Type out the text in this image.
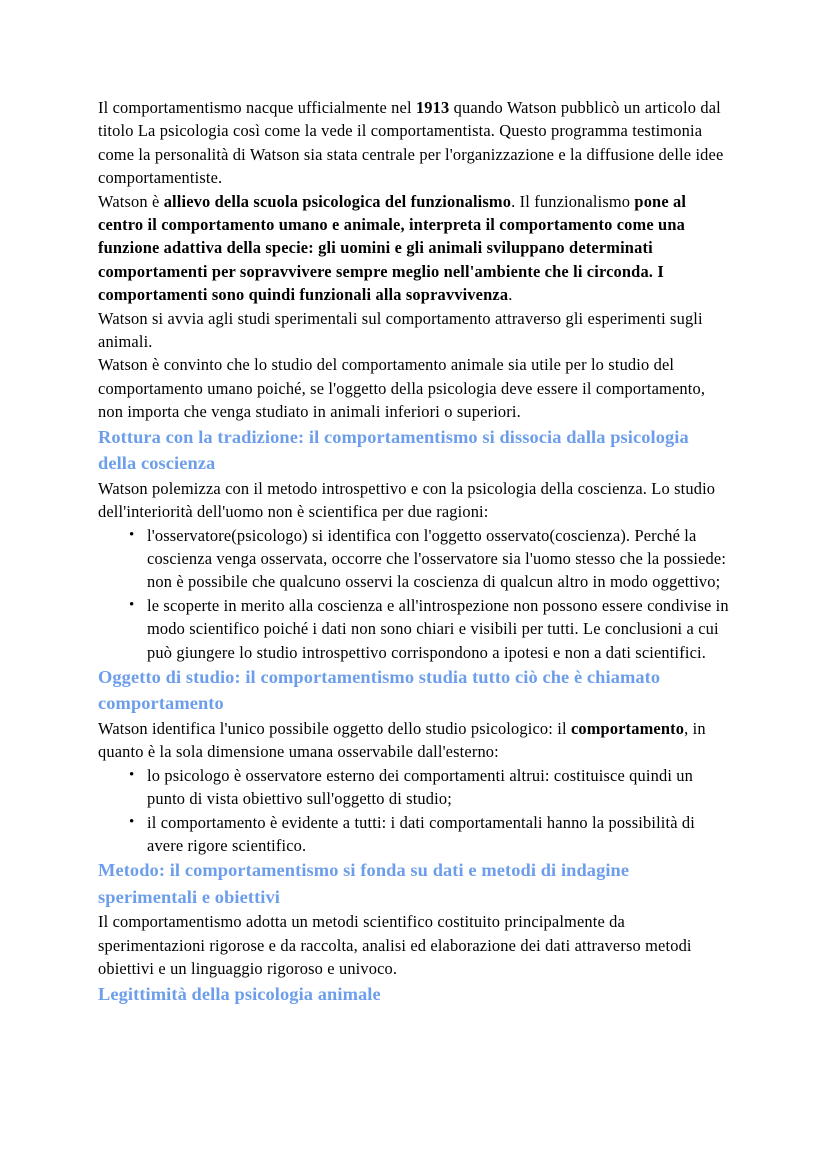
Il comportamentismo nacque ufficialmente nel 1913 quando Watson pubblicò un articolo dal titolo La psicologia così come la vede il comportamentista. Questo programma testimonia come la personalità di Watson sia stata centrale per l'organizzazione e la diffusione delle idee comportamentiste.

Watson è allievo della scuola psicologica del funzionalismo. Il funzionalismo pone al centro il comportamento umano e animale, interpreta il comportamento come una funzione adattiva della specie: gli uomini e gli animali sviluppano determinati comportamenti per sopravvivere sempre meglio nell'ambiente che li circonda. I comportamenti sono quindi funzionali alla sopravvivenza.

Watson si avvia agli studi sperimentali sul comportamento attraverso gli esperimenti sugli animali.

Watson è convinto che lo studio del comportamento animale sia utile per lo studio del comportamento umano poiché, se l'oggetto della psicologia deve essere il comportamento, non importa che venga studiato in animali inferiori o superiori.

Rottura con la tradizione: il comportamentismo si dissocia dalla psicologia della coscienza

Watson polemizza con il metodo introspettivo e con la psicologia della coscienza. Lo studio dell'interiorità dell'uomo non è scientifica per due ragioni:

• l'osservatore(psicologo) si identifica con l'oggetto osservato(coscienza). Perché la coscienza venga osservata, occorre che l'osservatore sia l'uomo stesso che la possiede: non è possibile che qualcuno osservi la coscienza di qualcun altro in modo oggettivo;
• le scoperte in merito alla coscienza e all'introspezione non possono essere condivise in modo scientifico poiché i dati non sono chiari e visibili per tutti. Le conclusioni a cui può giungere lo studio introspettivo corrispondono a ipotesi e non a dati scientifici.
Oggetto di studio: il comportamentismo studia tutto ciò che è chiamato comportamento

Watson identifica l'unico possibile oggetto dello studio psicologico: il comportamento, in quanto è la sola dimensione umana osservabile dall'esterno:

• lo psicologo è osservatore esterno dei comportamenti altrui: costituisce quindi un punto di vista obiettivo sull'oggetto di studio;
• il comportamento è evidente a tutti: i dati comportamentali hanno la possibilità di avere rigore scientifico.
Metodo: il comportamentismo si fonda su dati e metodi di indagine sperimentali e obiettivi

Il comportamentismo adotta un metodi scientifico costituito principalmente da sperimentazioni rigorose e da raccolta, analisi ed elaborazione dei dati attraverso metodi obiettivi e un linguaggio rigoroso e univoco.

Legittimità della psicologia animale
